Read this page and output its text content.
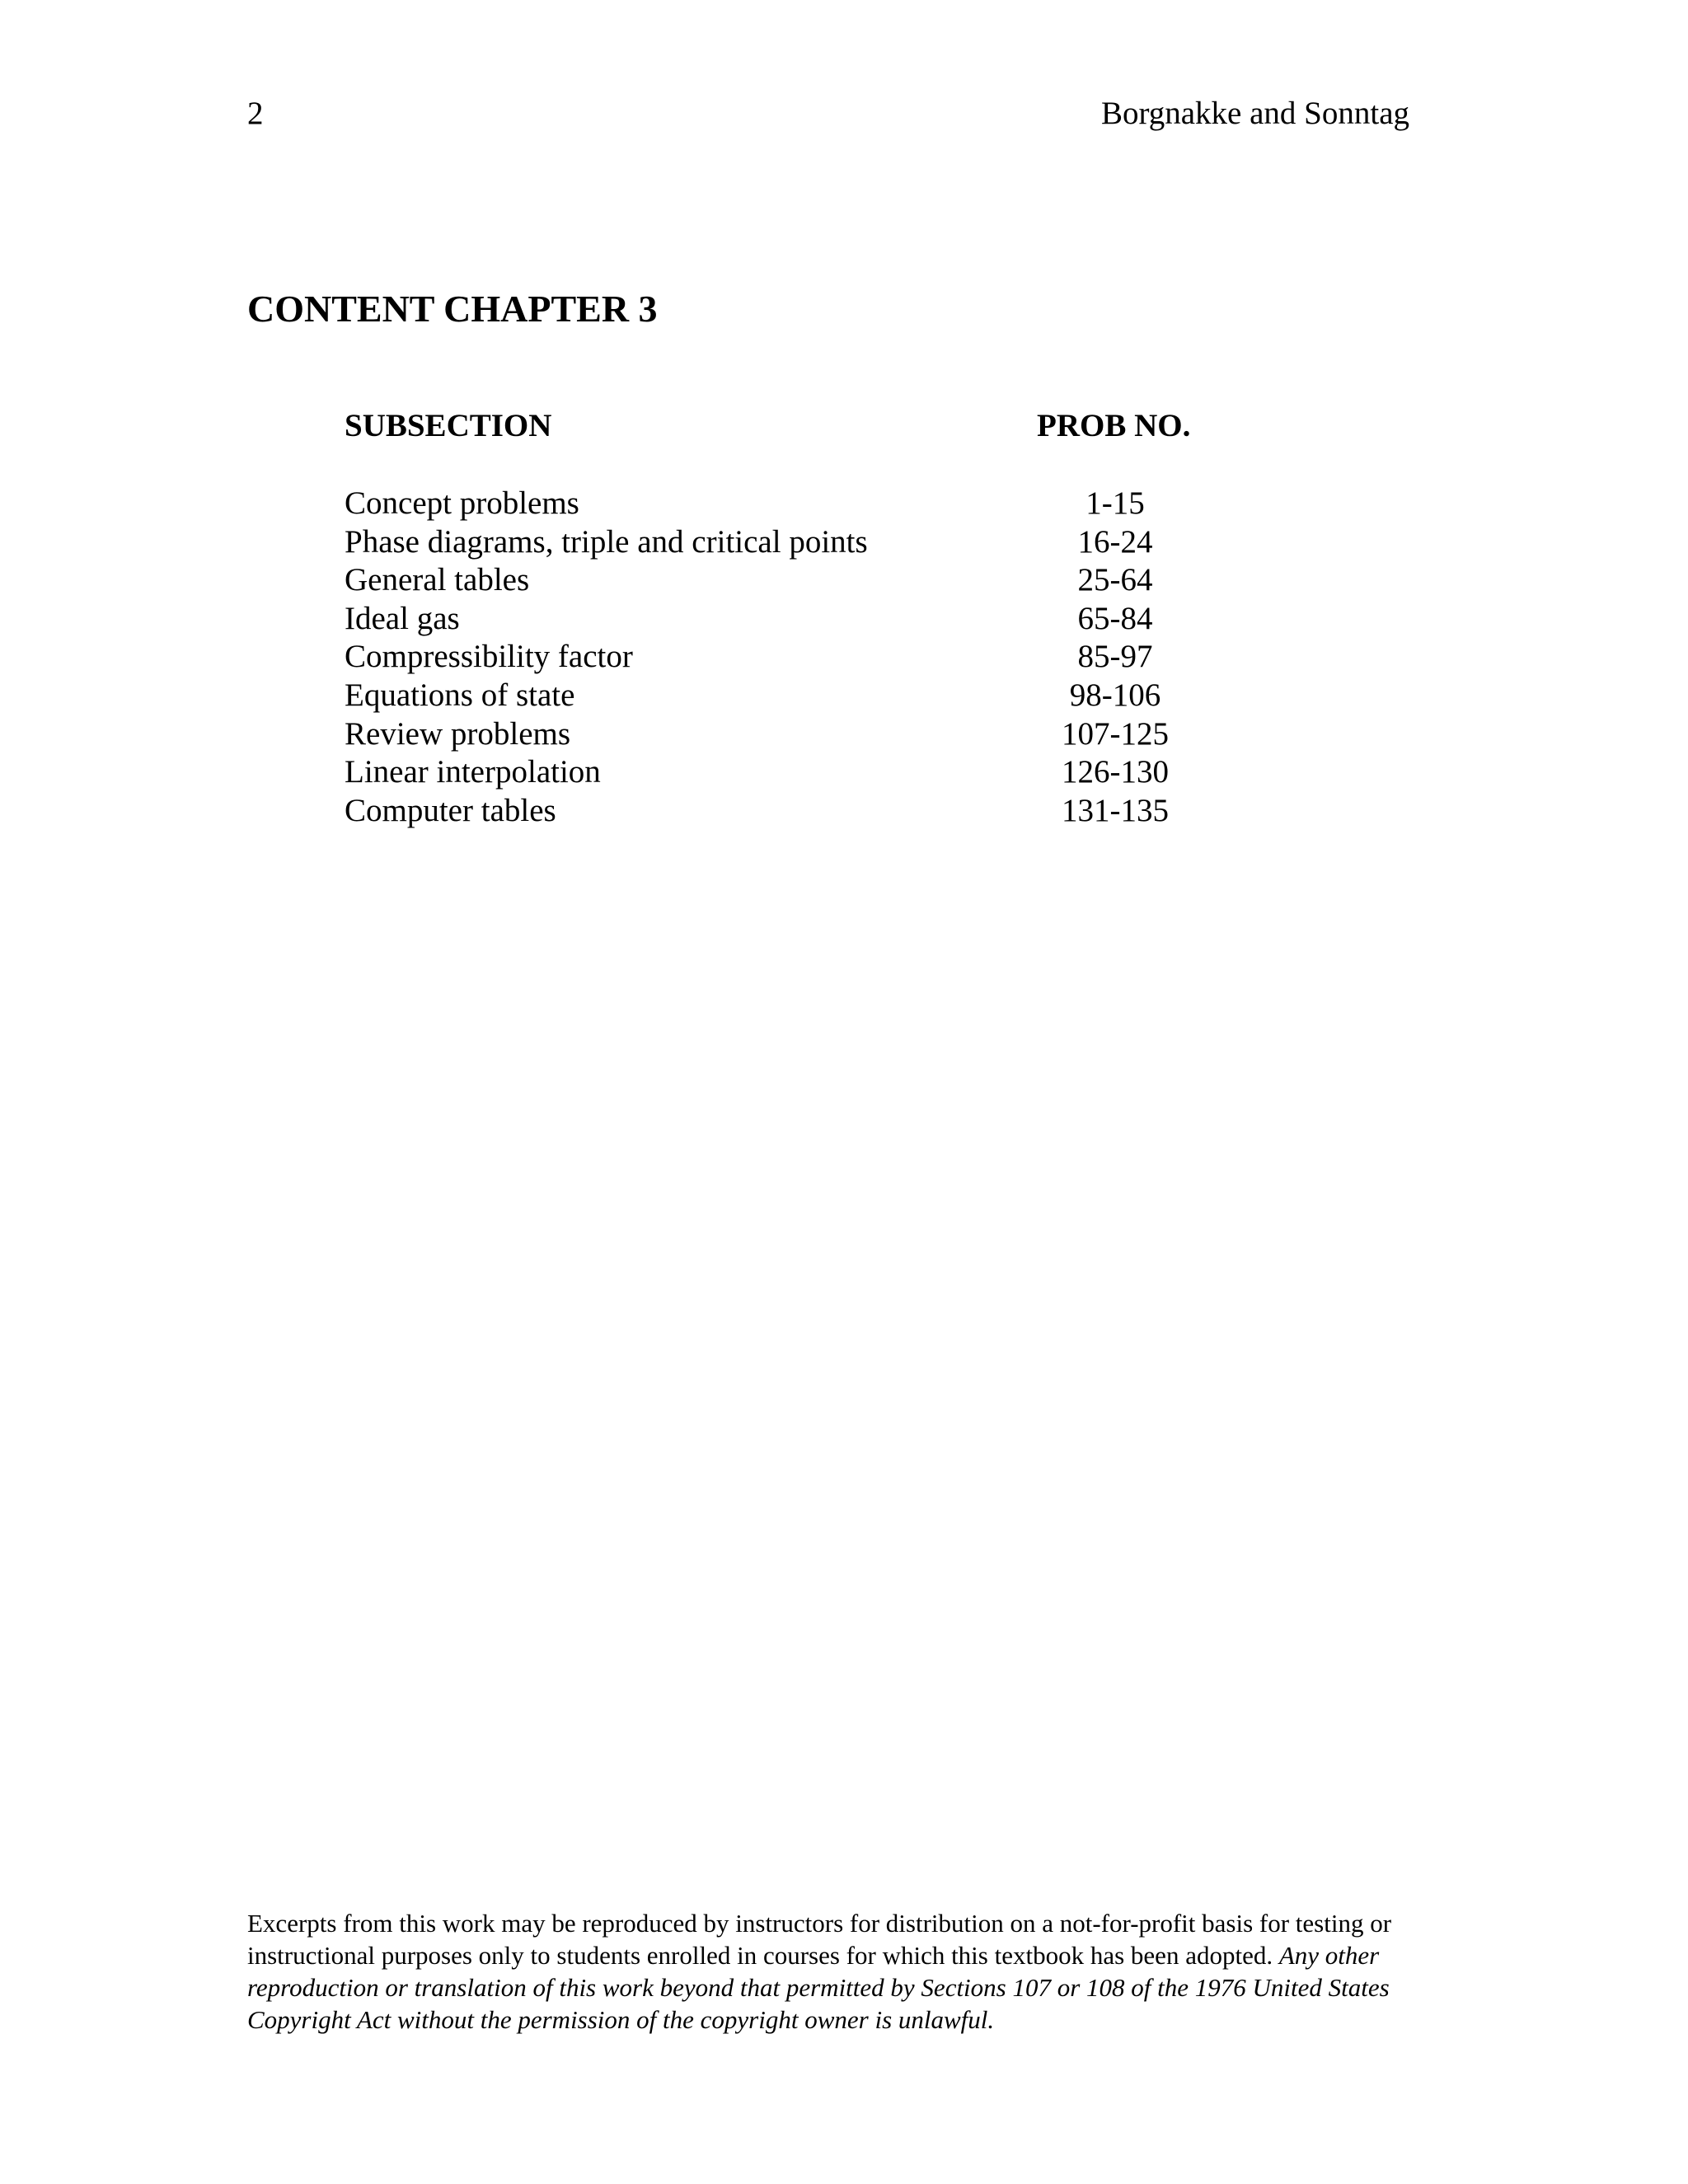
2	Borgnakke and Sonntag
CONTENT CHAPTER 3
SUBSECTION	PROB NO.
Concept problems	1-15
Phase diagrams, triple and critical points	16-24
General tables	25-64
Ideal gas	65-84
Compressibility factor	85-97
Equations of state	98-106
Review problems	107-125
Linear interpolation	126-130
Computer tables	131-135
Excerpts from this work may be reproduced by instructors for distribution on a not-for-profit basis for testing or instructional purposes only to students enrolled in courses for which this textbook has been adopted. Any other reproduction or translation of this work beyond that permitted by Sections 107 or 108 of the 1976 United States Copyright Act without the permission of the copyright owner is unlawful.
